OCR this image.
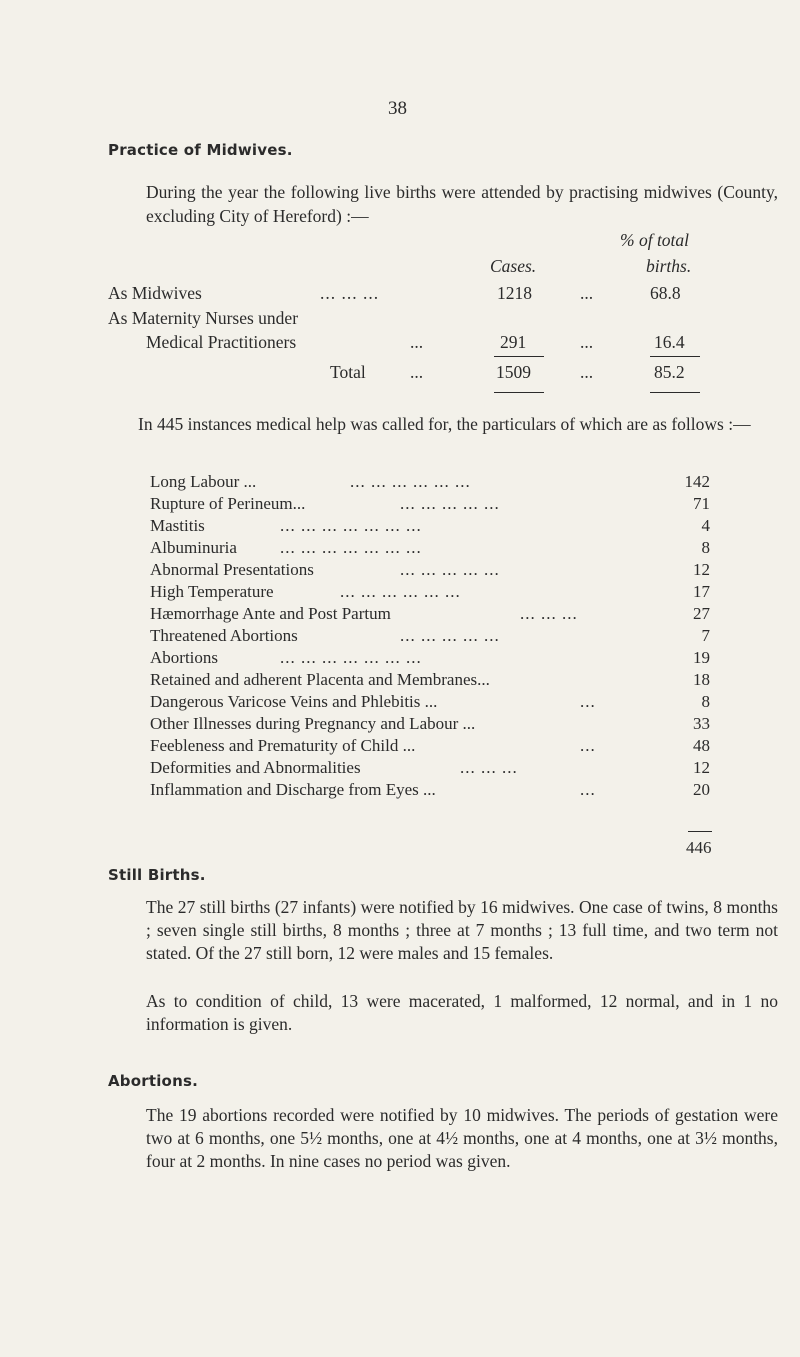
38
Practice of Midwives.
During the year the following live births were attended by practising midwives (County, excluding City of Hereford) :—
% of total
Cases.	births.
As Midwives	... ... ...	1218	...	68.8
As Maternity Nurses under
Medical Practitioners	...	291	...	16.4
Total	...	1509	...	85.2
In 445 instances medical help was called for, the particulars of which are as follows :—
Long Labour ...	... ... ... ... ... ...	142
Rupture of Perineum...	... ... ... ... ...	71
Mastitis	... ... ... ... ... ... ...	4
Albuminuria	... ... ... ... ... ... ...	8
Abnormal Presentations	... ... ... ... ...	12
High Temperature	... ... ... ... ... ...	17
Hæmorrhage Ante and Post Partum	... ... ...	27
Threatened Abortions	... ... ... ... ...	7
Abortions	... ... ... ... ... ... ...	19
Retained and adherent Placenta and Membranes...	18
Dangerous Varicose Veins and Phlebitis ...	...	8
Other Illnesses during Pregnancy and Labour ...	33
Feebleness and Prematurity of Child ...	...	48
Deformities and Abnormalities	... ... ...	12
Inflammation and Discharge from Eyes ...	...	20
446
Still Births.
The 27 still births (27 infants) were notified by 16 midwives. One case of twins, 8 months ; seven single still births, 8 months ; three at 7 months ; 13 full time, and two term not stated. Of the 27 still born, 12 were males and 15 females.
As to condition of child, 13 were macerated, 1 malformed, 12 normal, and in 1 no information is given.
Abortions.
The 19 abortions recorded were notified by 10 midwives. The periods of gestation were two at 6 months, one 5½ months, one at 4½ months, one at 4 months, one at 3½ months, four at 2 months. In nine cases no period was given.
